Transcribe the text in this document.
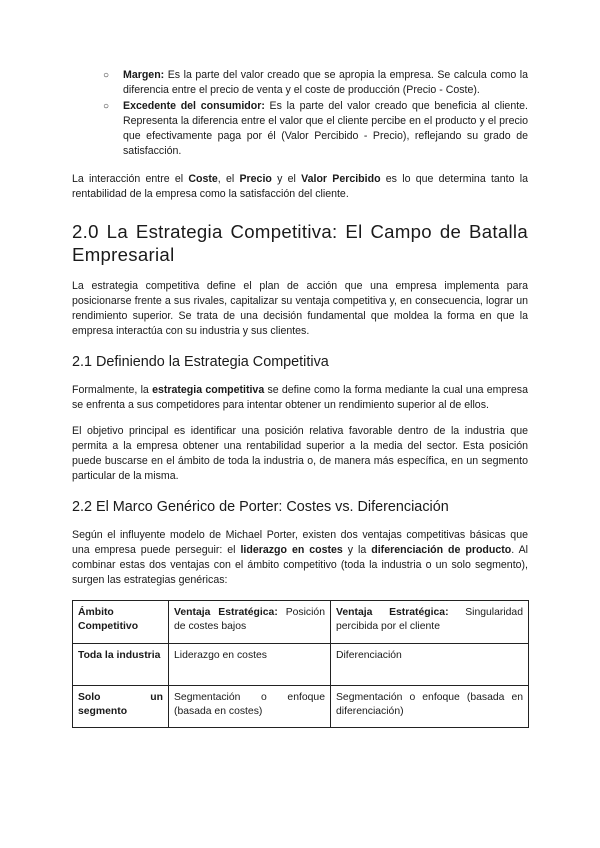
○ Margen: Es la parte del valor creado que se apropia la empresa. Se calcula como la diferencia entre el precio de venta y el coste de producción (Precio - Coste).
○ Excedente del consumidor: Es la parte del valor creado que beneficia al cliente. Representa la diferencia entre el valor que el cliente percibe en el producto y el precio que efectivamente paga por él (Valor Percibido - Precio), reflejando su grado de satisfacción.

La interacción entre el Coste, el Precio y el Valor Percibido es lo que determina tanto la rentabilidad de la empresa como la satisfacción del cliente.

2.0 La Estrategia Competitiva: El Campo de Batalla Empresarial

La estrategia competitiva define el plan de acción que una empresa implementa para posicionarse frente a sus rivales, capitalizar su ventaja competitiva y, en consecuencia, lograr un rendimiento superior. Se trata de una decisión fundamental que moldea la forma en que la empresa interactúa con su industria y sus clientes.

2.1 Definiendo la Estrategia Competitiva

Formalmente, la estrategia competitiva se define como la forma mediante la cual una empresa se enfrenta a sus competidores para intentar obtener un rendimiento superior al de ellos.

El objetivo principal es identificar una posición relativa favorable dentro de la industria que permita a la empresa obtener una rentabilidad superior a la media del sector. Esta posición puede buscarse en el ámbito de toda la industria o, de manera más específica, en un segmento particular de la misma.

2.2 El Marco Genérico de Porter: Costes vs. Diferenciación

Según el influyente modelo de Michael Porter, existen dos ventajas competitivas básicas que una empresa puede perseguir: el liderazgo en costes y la diferenciación de producto. Al combinar estas dos ventajas con el ámbito competitivo (toda la industria o un solo segmento), surgen las estrategias genéricas:

Ámbito Competitivo	Ventaja Estratégica: Posición de costes bajos	Ventaja Estratégica: Singularidad percibida por el cliente
Toda la industria	Liderazgo en costes	Diferenciación
Solo un segmento	Segmentación o enfoque (basada en costes)	Segmentación o enfoque (basada en diferenciación)
